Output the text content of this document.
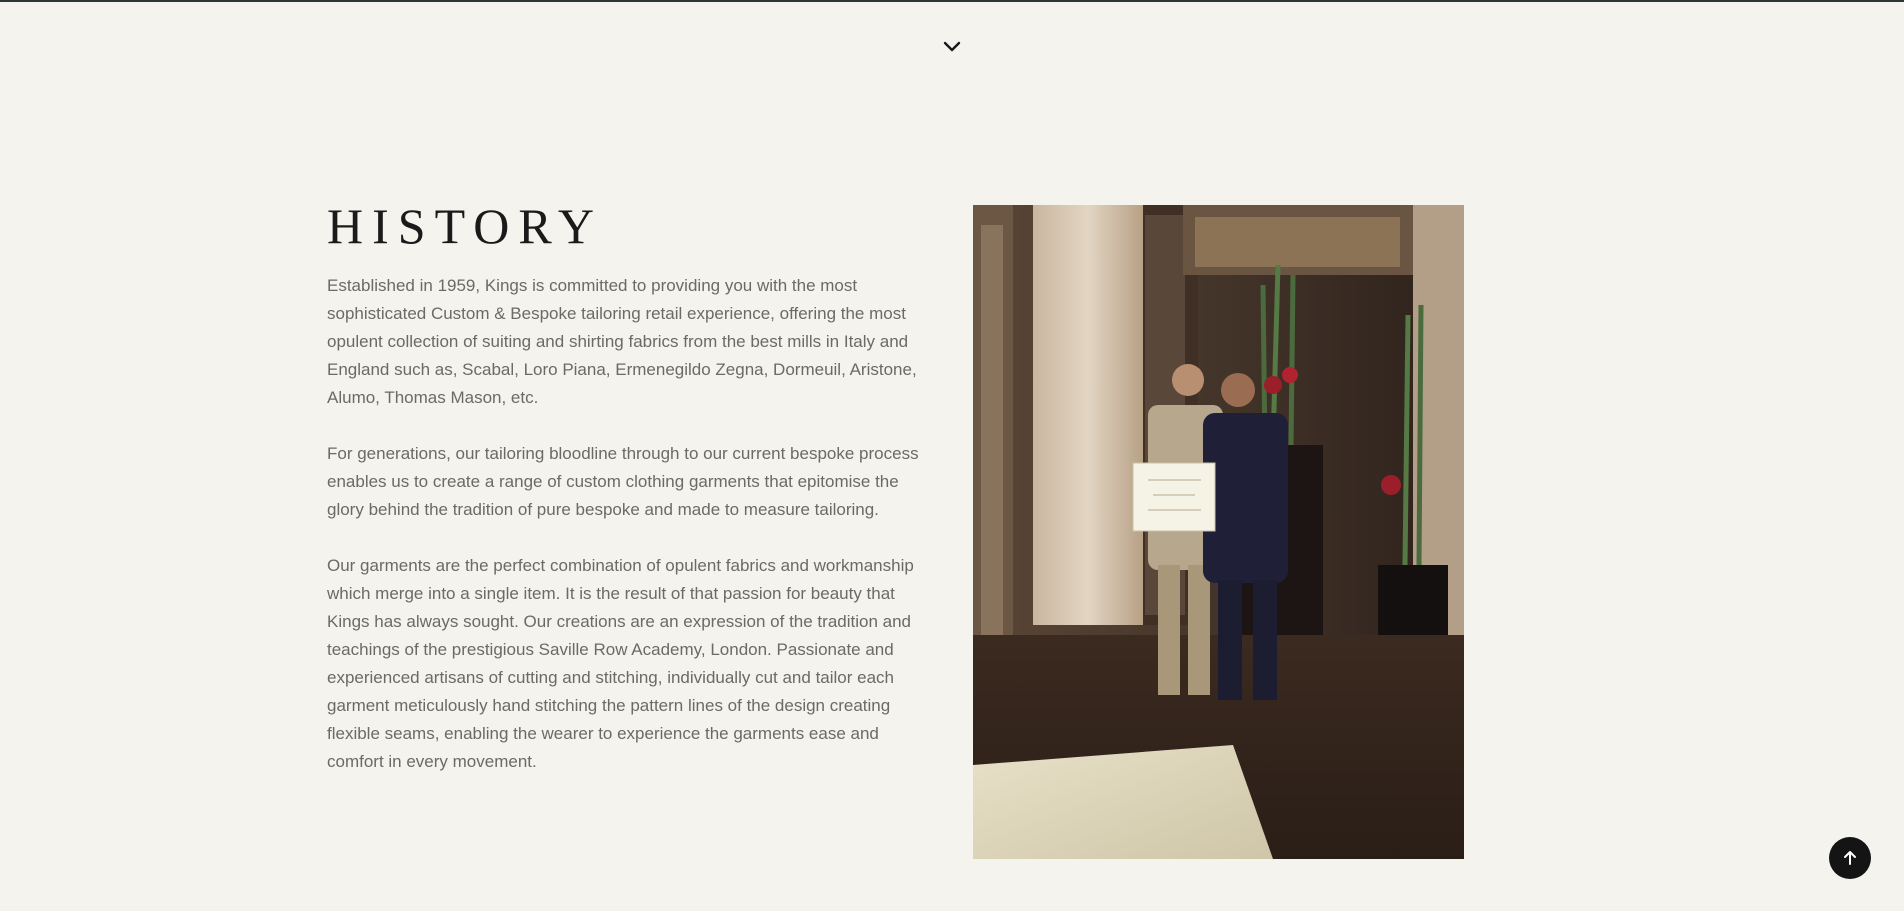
HISTORY

Established in 1959, Kings is committed to providing you with the most sophisticated Custom & Bespoke tailoring retail experience, offering the most opulent collection of suiting and shirting fabrics from the best mills in Italy and England such as, Scabal, Loro Piana, Ermenegildo Zegna, Dormeuil, Aristone, Alumo, Thomas Mason, etc.

For generations, our tailoring bloodline through to our current bespoke process enables us to create a range of custom clothing garments that epitomise the glory behind the tradition of pure bespoke and made to measure tailoring.

Our garments are the perfect combination of opulent fabrics and workmanship which merge into a single item. It is the result of that passion for beauty that Kings has always sought. Our creations are an expression of the tradition and teachings of the prestigious Saville Row Academy, London. Passionate and experienced artisans of cutting and stitching, individually cut and tailor each garment meticulously hand stitching the pattern lines of the design creating flexible seams, enabling the wearer to experience the garments ease and comfort in every movement.
